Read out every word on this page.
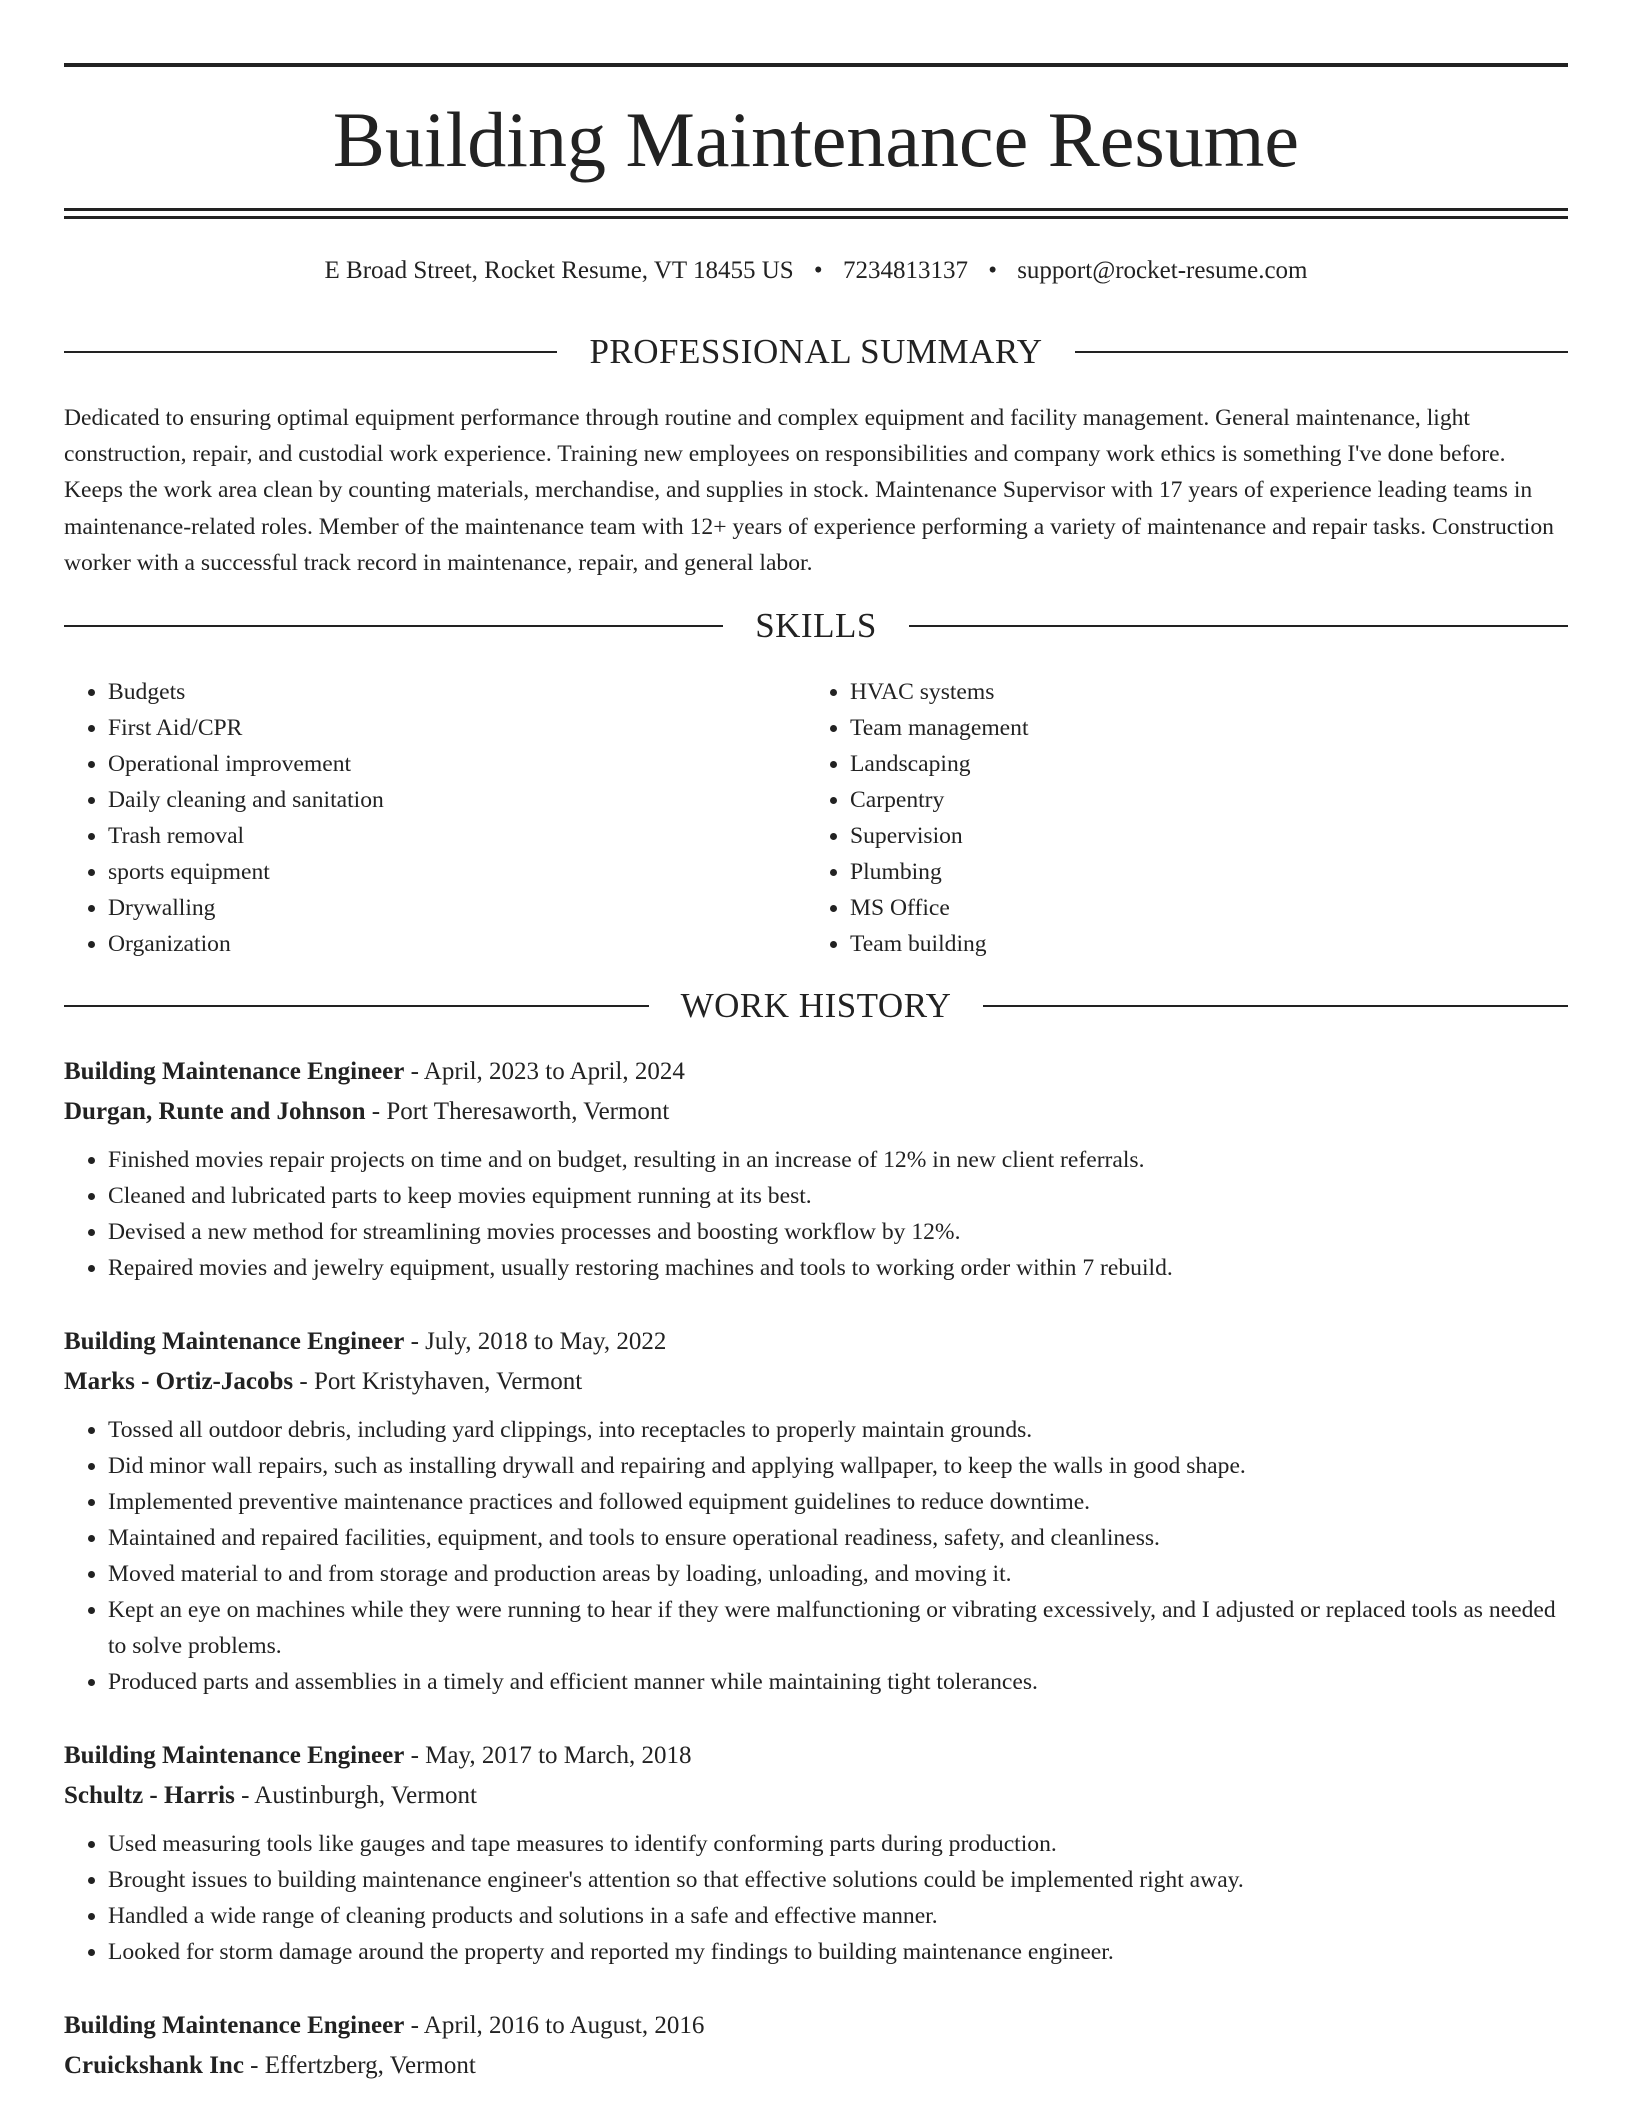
Building Maintenance Resume
E Broad Street, Rocket Resume, VT 18455 US • 7234813137 • support@rocket-resume.com
PROFESSIONAL SUMMARY

Dedicated to ensuring optimal equipment performance through routine and complex equipment and facility management. General maintenance, light construction, repair, and custodial work experience. Training new employees on responsibilities and company work ethics is something I've done before. Keeps the work area clean by counting materials, merchandise, and supplies in stock. Maintenance Supervisor with 17 years of experience leading teams in maintenance-related roles. Member of the maintenance team with 12+ years of experience performing a variety of maintenance and repair tasks. Construction worker with a successful track record in maintenance, repair, and general labor.

SKILLS
• Budgets
• First Aid/CPR
• Operational improvement
• Daily cleaning and sanitation
• Trash removal
• sports equipment
• Drywalling
• Organization
• HVAC systems
• Team management
• Landscaping
• Carpentry
• Supervision
• Plumbing
• MS Office
• Team building
WORK HISTORY
Building Maintenance Engineer - April, 2023 to April, 2024
Durgan, Runte and Johnson - Port Theresaworth, Vermont
• Finished movies repair projects on time and on budget, resulting in an increase of 12% in new client referrals.
• Cleaned and lubricated parts to keep movies equipment running at its best.
• Devised a new method for streamlining movies processes and boosting workflow by 12%.
• Repaired movies and jewelry equipment, usually restoring machines and tools to working order within 7 rebuild.
Building Maintenance Engineer - July, 2018 to May, 2022
Marks - Ortiz-Jacobs - Port Kristyhaven, Vermont
• Tossed all outdoor debris, including yard clippings, into receptacles to properly maintain grounds.
• Did minor wall repairs, such as installing drywall and repairing and applying wallpaper, to keep the walls in good shape.
• Implemented preventive maintenance practices and followed equipment guidelines to reduce downtime.
• Maintained and repaired facilities, equipment, and tools to ensure operational readiness, safety, and cleanliness.
• Moved material to and from storage and production areas by loading, unloading, and moving it.
• Kept an eye on machines while they were running to hear if they were malfunctioning or vibrating excessively, and I adjusted or replaced tools as needed to solve problems.
• Produced parts and assemblies in a timely and efficient manner while maintaining tight tolerances.
Building Maintenance Engineer - May, 2017 to March, 2018
Schultz - Harris - Austinburgh, Vermont
• Used measuring tools like gauges and tape measures to identify conforming parts during production.
• Brought issues to building maintenance engineer's attention so that effective solutions could be implemented right away.
• Handled a wide range of cleaning products and solutions in a safe and effective manner.
• Looked for storm damage around the property and reported my findings to building maintenance engineer.
Building Maintenance Engineer - April, 2016 to August, 2016
Cruickshank Inc - Effertzberg, Vermont
